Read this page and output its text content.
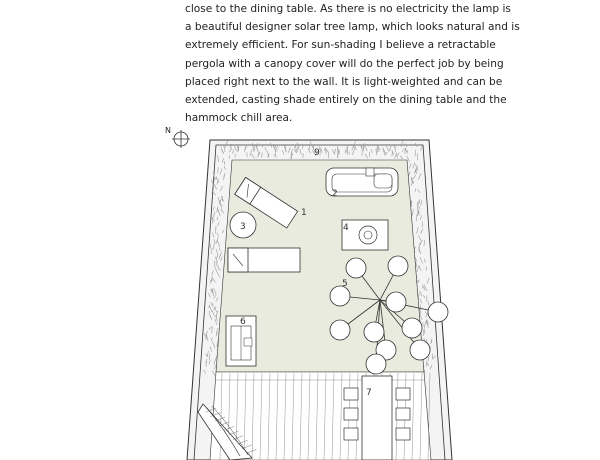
close to the dining table. As there is no electricity the lamp is
a beautiful designer solar tree lamp, which looks natural and is
extremely efficient. For sun-shading I believe a retractable
pergola with a canopy cover will do the perfect job by being
placed right next to the wall. It is light-weighted and can be
extended, casting shade entirely on the dining table and the
hammock chill area.
N
9
1
2
3	4
5
6
7
